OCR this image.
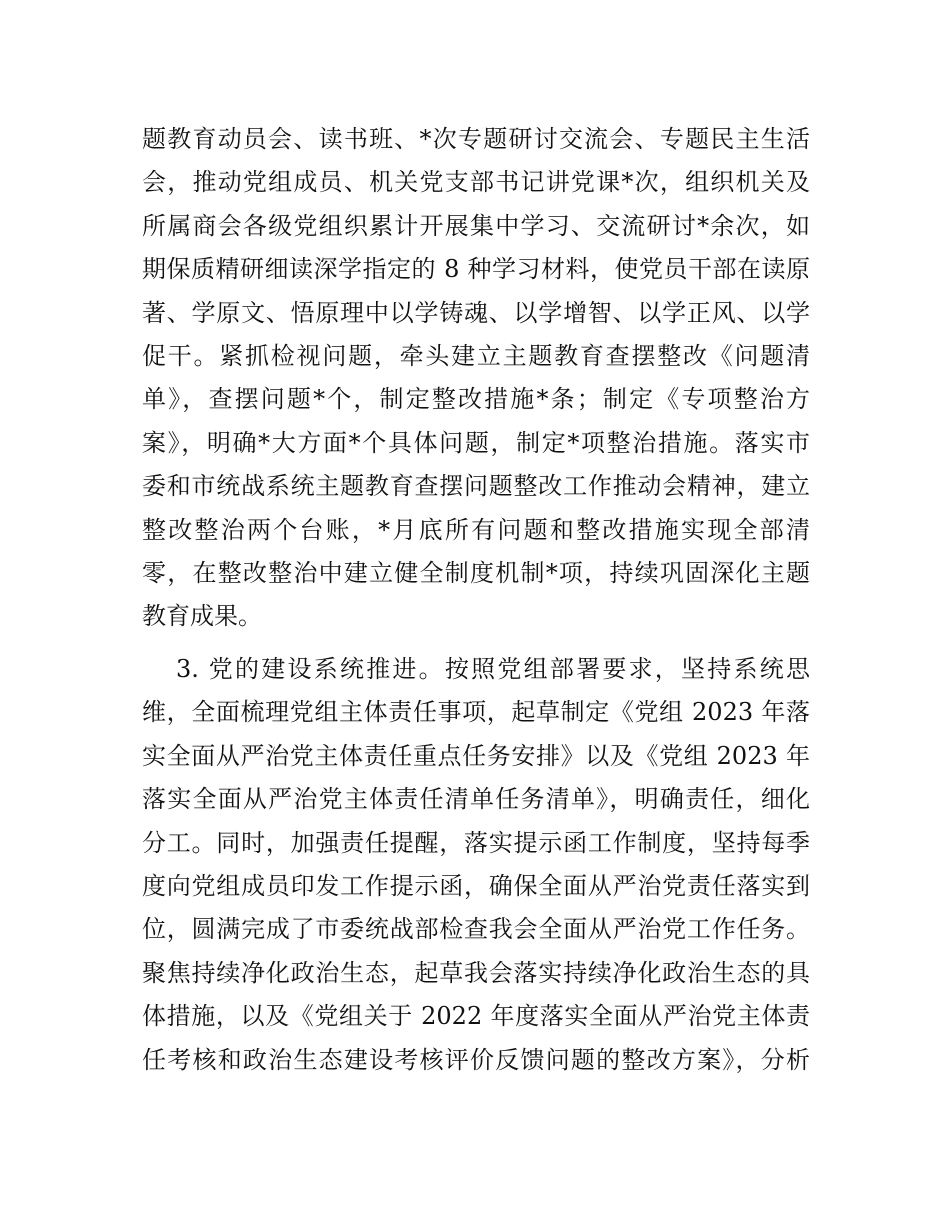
题教育动员会、读书班、*次专题研讨交流会、专题民主生活
会，推动党组成员、机关党支部书记讲党课*次，组织机关及
所属商会各级党组织累计开展集中学习、交流研讨*余次，如
期保质精研细读深学指定的 8 种学习材料，使党员干部在读原
著、学原文、悟原理中以学铸魂、以学增智、以学正风、以学
促干。紧抓检视问题，牵头建立主题教育查摆整改《问题清
单》，查摆问题*个，制定整改措施*条；制定《专项整治方
案》，明确*大方面*个具体问题，制定*项整治措施。落实市
委和市统战系统主题教育查摆问题整改工作推动会精神，建立
整改整治两个台账，*月底所有问题和整改措施实现全部清
零，在整改整治中建立健全制度机制*项，持续巩固深化主题
教育成果。
3. 党的建设系统推进。按照党组部署要求，坚持系统思
维，全面梳理党组主体责任事项，起草制定《党组 2023 年落
实全面从严治党主体责任重点任务安排》以及《党组 2023 年
落实全面从严治党主体责任清单任务清单》，明确责任，细化
分工。同时，加强责任提醒，落实提示函工作制度，坚持每季
度向党组成员印发工作提示函，确保全面从严治党责任落实到
位，圆满完成了市委统战部检查我会全面从严治党工作任务。
聚焦持续净化政治生态，起草我会落实持续净化政治生态的具
体措施，以及《党组关于 2022 年度落实全面从严治党主体责
任考核和政治生态建设考核评价反馈问题的整改方案》，分析
